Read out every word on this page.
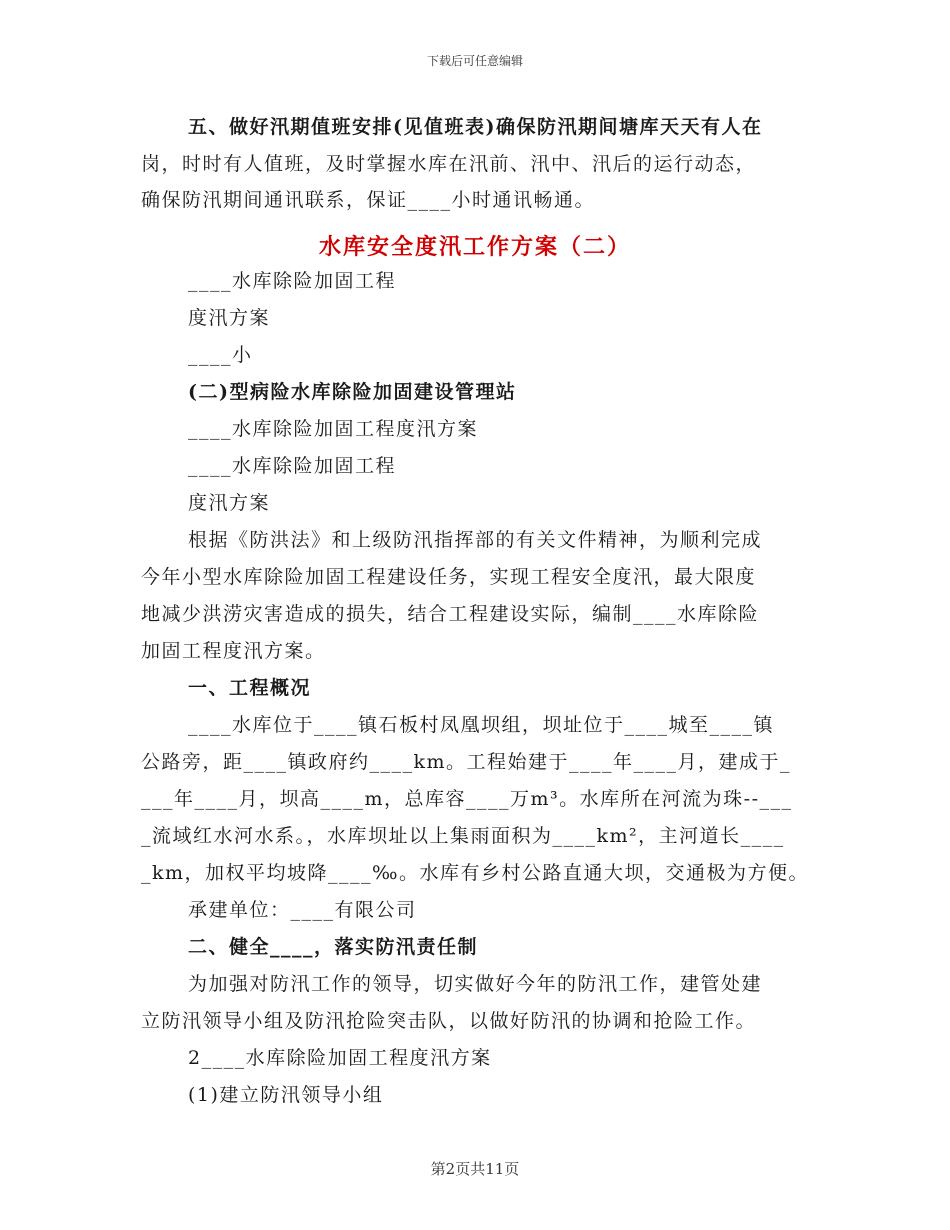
下载后可任意编辑
五、做好汛期值班安排(见值班表)确保防汛期间塘库天天有人在
岗，时时有人值班，及时掌握水库在汛前、汛中、汛后的运行动态，
确保防汛期间通讯联系，保证____小时通讯畅通。
水库安全度汛工作方案（二）
____水库除险加固工程
度汛方案
____小
(二)型病险水库除险加固建设管理站
____水库除险加固工程度汛方案
____水库除险加固工程
度汛方案
根据《防洪法》和上级防汛指挥部的有关文件精神，为顺利完成
今年小型水库除险加固工程建设任务，实现工程安全度汛，最大限度
地减少洪涝灾害造成的损失，结合工程建设实际，编制____水库除险
加固工程度汛方案。
一、工程概况
____水库位于____镇石板村凤凰坝组，坝址位于____城至____镇
公路旁，距____镇政府约____km。工程始建于____年____月，建成于_
___年____月，坝高____m，总库容____万m³。水库所在河流为珠--___
_流域红水河水系。，水库坝址以上集雨面积为____km²，主河道长____
_km，加权平均坡降____‰。水库有乡村公路直通大坝，交通极为方便。
承建单位：____有限公司
二、健全____，落实防汛责任制
为加强对防汛工作的领导，切实做好今年的防汛工作，建管处建
立防汛领导小组及防汛抢险突击队，以做好防汛的协调和抢险工作。
2____水库除险加固工程度汛方案
(1)建立防汛领导小组
第2页共11页
